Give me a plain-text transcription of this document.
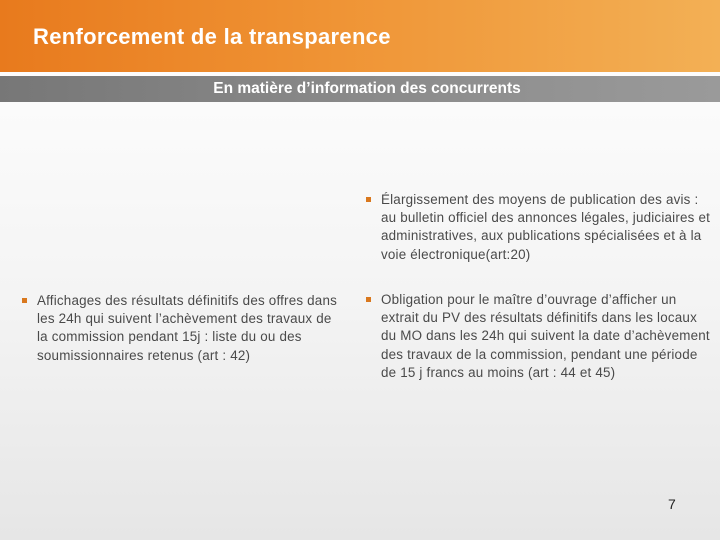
Renforcement de la transparence
En matière d’information des concurrents
Affichages des résultats définitifs des offres dans les 24h qui suivent l’achèvement des travaux de la commission pendant 15j : liste du ou des soumissionnaires retenus (art : 42)
Élargissement des moyens de publication des avis : au bulletin officiel des annonces légales, judiciaires et administratives, aux publications spécialisées et à la voie électronique(art:20)
Obligation pour le maître d’ouvrage d’afficher un extrait du PV des résultats définitifs dans les locaux du MO dans les 24h qui suivent la date d’achèvement des travaux de la commission, pendant une période de 15 j francs au moins (art : 44 et 45)
7
